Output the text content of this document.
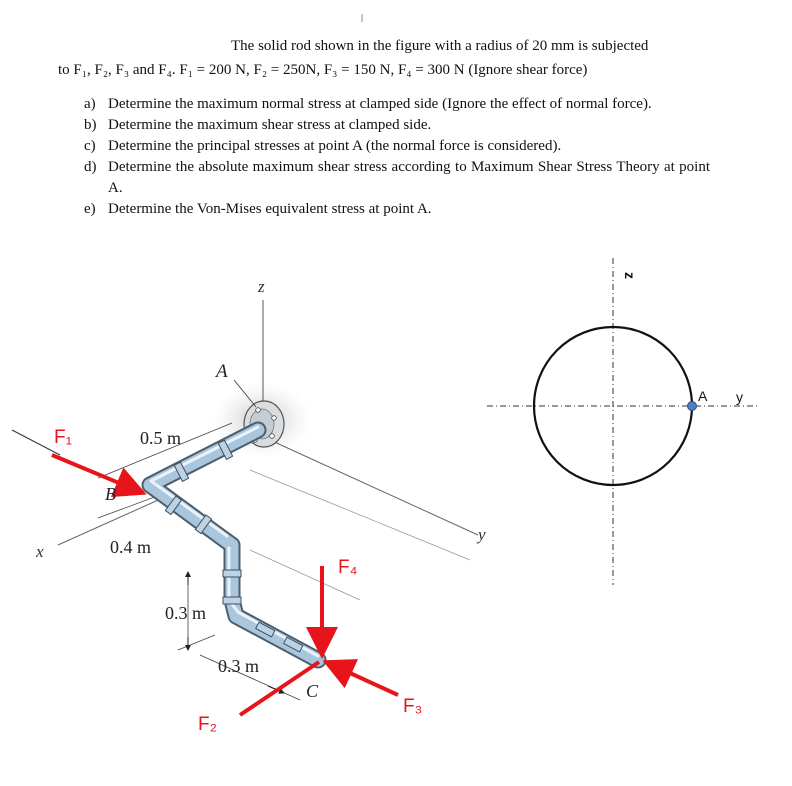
The solid rod shown in the figure with a radius of 20 mm is subjected
to F₁, F₂, F₃ and F₄. F₁ = 200 N, F₂ = 250N, F₃ = 150 N, F₄ = 300 N (Ignore shear force)
a) Determine the maximum normal stress at clamped side (Ignore the effect of normal force).
b) Determine the maximum shear stress at clamped side.
c) Determine the principal stresses at point A (the normal force is considered).
d) Determine the absolute maximum shear stress according to Maximum Shear Stress Theory at point A.
e) Determine the Von-Mises equivalent stress at point A.
z
x
y
A
B
C
0.5 m
0.4 m
0.3 m
0.3 m
F₁
F₂
F₃
F₄
z
A y
